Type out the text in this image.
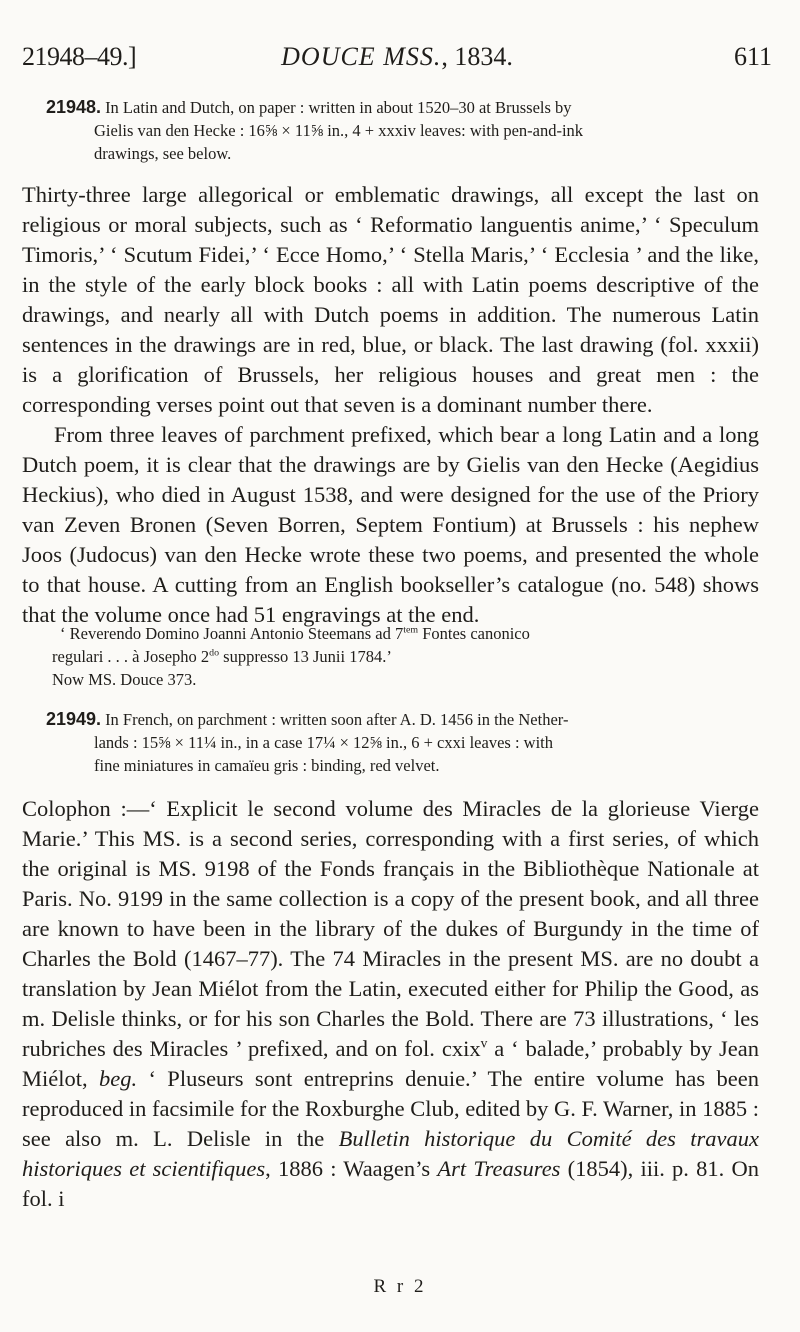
21948–49.]	DOUCE MSS., 1834.	611
21948. In Latin and Dutch, on paper : written in about 1520–30 at Brussels by
Gielis van den Hecke : 16⅝ × 11⅝ in., 4 + xxxiv leaves: with pen-and-ink
drawings, see below.

Thirty-three large allegorical or emblematic drawings, all except the last on religious or moral subjects, such as ‘ Reformatio languentis anime,’ ‘ Speculum Timoris,’ ‘ Scutum Fidei,’ ‘ Ecce Homo,’ ‘ Stella Maris,’ ‘ Ecclesia ’ and the like, in the style of the early block books : all with Latin poems descriptive of the drawings, and nearly all with Dutch poems in addition. The numerous Latin sentences in the drawings are in red, blue, or black. The last drawing (fol. xxxii) is a glorification of Brussels, her religious houses and great men : the corresponding verses point out that seven is a dominant number there.

From three leaves of parchment prefixed, which bear a long Latin and a long Dutch poem, it is clear that the drawings are by Gielis van den Hecke (Aegidius Heckius), who died in August 1538, and were designed for the use of the Priory van Zeven Bronen (Seven Borren, Septem Fontium) at Brussels : his nephew Joos (Judocus) van den Hecke wrote these two poems, and presented the whole to that house. A cutting from an English bookseller’s catalogue (no. 548) shows that the volume once had 51 engravings at the end.

‘ Reverendo Domino Joanni Antonio Steemans ad $7^{tem}$ Fontes canonico

regulari . . . à Josepho $2^{do}$ suppresso 13 Junii 1784.’

Now MS. Douce 373.

21949. In French, on parchment : written soon after A. D. 1456 in the Nether-
lands : 15⅝ × 11¼ in., in a case 17¼ × 12⅝ in., 6 + cxxi leaves : with
fine miniatures in camaïeu gris : binding, red velvet.

Colophon :—‘ Explicit le second volume des Miracles de la glorieuse Vierge Marie.’ This MS. is a second series, corresponding with a first series, of which the original is MS. 9198 of the Fonds français in the Bibliothèque Nationale at Paris. No. 9199 in the same collection is a copy of the present book, and all three are known to have been in the library of the dukes of Burgundy in the time of Charles the Bold (1467–77). The 74 Miracles in the present MS. are no doubt a translation by Jean Miélot from the Latin, executed either for Philip the Good, as m. Delisle thinks, or for his son Charles the Bold. There are 73 illustrations, ‘ les rubriches des Miracles ’ prefixed, and on fol. cxix$^v$ a ‘ balade,’ probably by Jean Miélot, beg. ‘ Pluseurs sont entreprins denuie.’ The entire volume has been reproduced in facsimile for the Roxburghe Club, edited by G. F. Warner, in 1885 : see also m. L. Delisle in the Bulletin historique du Comité des travaux historiques et scientifiques, 1886 : Waagen’s Art Treasures (1854), iii. p. 81. On fol. i

R r 2
